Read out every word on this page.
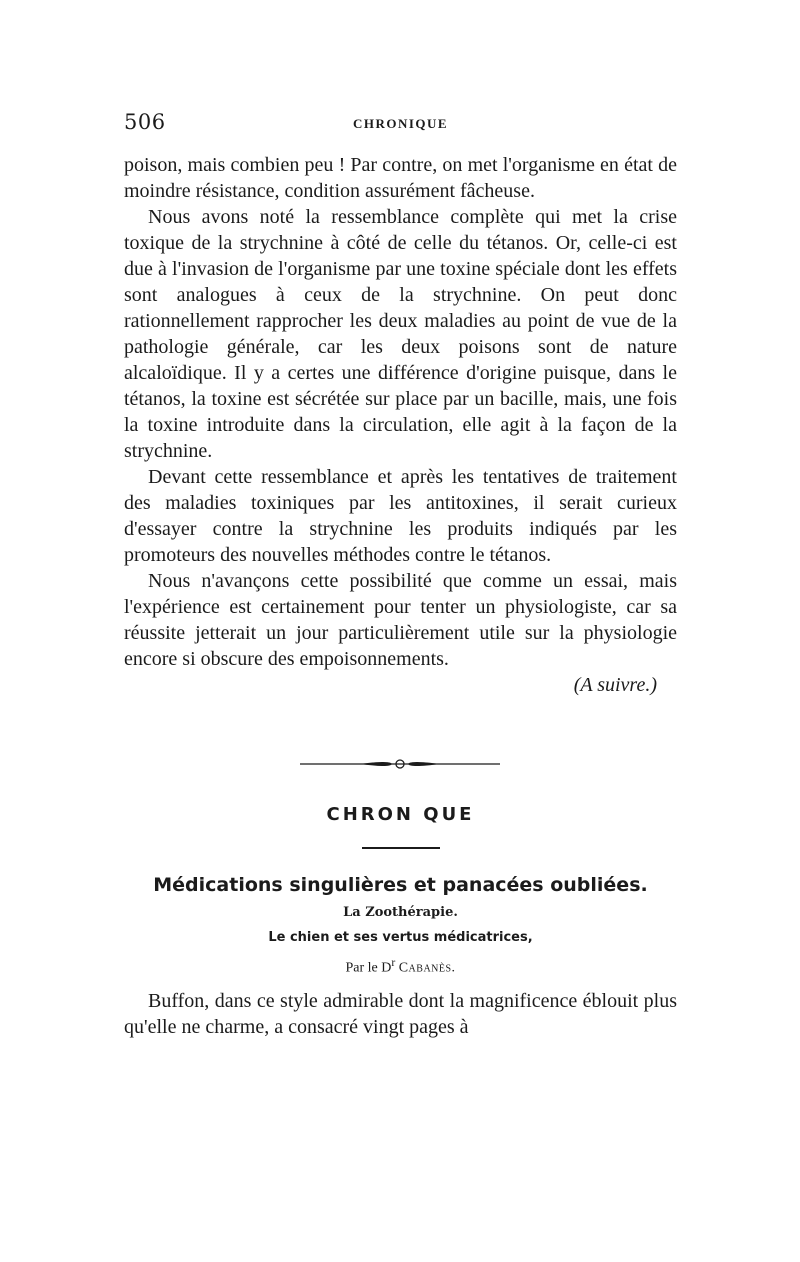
506	CHRONIQUE

poison, mais combien peu ! Par contre, on met l'organisme en état de moindre résistance, condition assurément fâcheuse.

Nous avons noté la ressemblance complète qui met la crise toxique de la strychnine à côté de celle du tétanos. Or, celle-ci est due à l'invasion de l'organisme par une toxine spéciale dont les effets sont analogues à ceux de la strychnine. On peut donc rationnellement rapprocher les deux maladies au point de vue de la pathologie générale, car les deux poisons sont de nature alcaloïdique. Il y a certes une différence d'origine puisque, dans le tétanos, la toxine est sécrétée sur place par un bacille, mais, une fois la toxine introduite dans la circulation, elle agit à la façon de la strychnine.

Devant cette ressemblance et après les tentatives de traitement des maladies toxiniques par les antitoxines, il serait curieux d'essayer contre la strychnine les produits indiqués par les promoteurs des nouvelles méthodes contre le tétanos.

Nous n'avançons cette possibilité que comme un essai, mais l'expérience est certainement pour tenter un physiologiste, car sa réussite jetterait un jour particulièrement utile sur la physiologie encore si obscure des empoisonnements.

(A suivre.)

CHRON QUE
Médications singulières et panacées oubliées.
La Zoothérapie.
Le chien et ses vertus médicatrices,
Par le $D^r$ Cabanès.

Buffon, dans ce style admirable dont la magnificence éblouit plus qu'elle ne charme, a consacré vingt pages à
